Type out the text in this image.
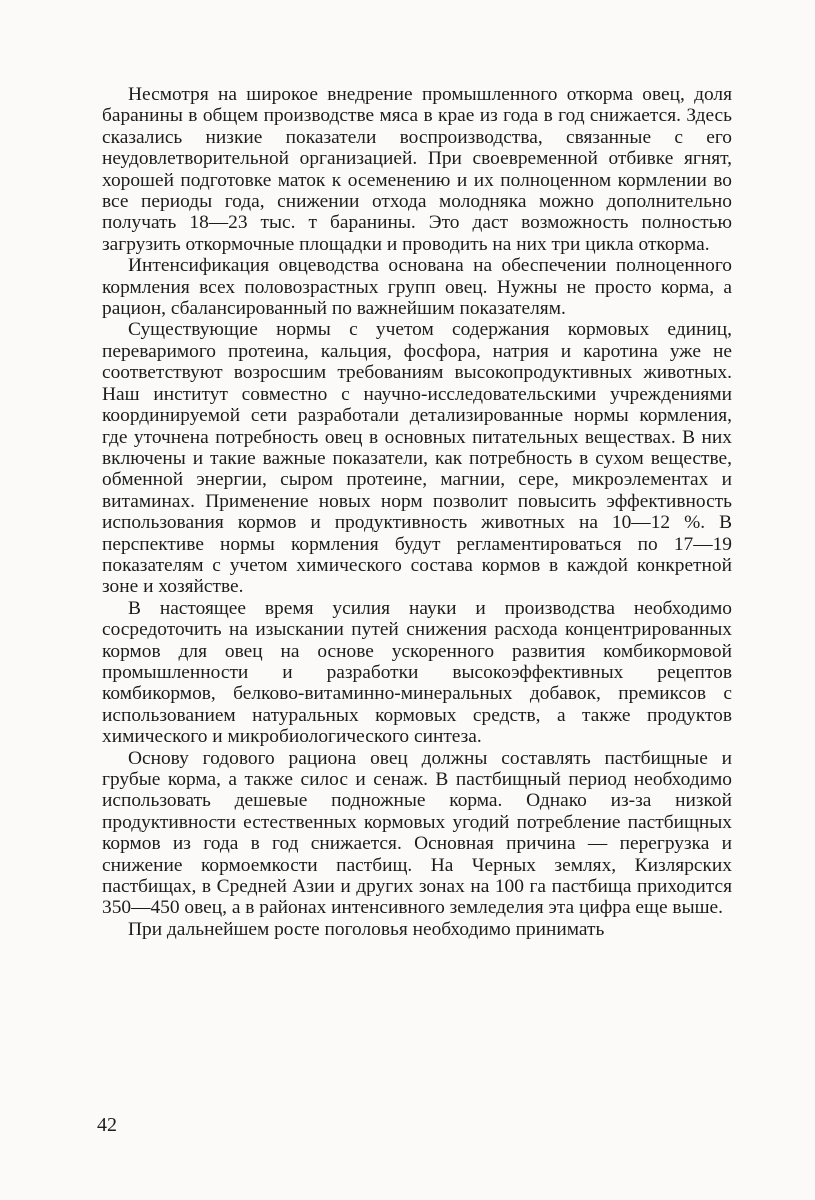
Несмотря на широкое внедрение промышленного откорма овец, доля баранины в общем производстве мяса в крае из года в год снижается. Здесь сказались низкие показатели воспроизводства, связанные с его неудовлетворительной организацией. При своевременной отбивке ягнят, хорошей подготовке маток к осеменению и их полноценном кормлении во все периоды года, снижении отхода молодняка можно дополнительно получать 18—23 тыс. т баранины. Это даст возможность полностью загрузить откормочные площадки и проводить на них три цикла откорма.

Интенсификация овцеводства основана на обеспечении полноценного кормления всех половозрастных групп овец. Нужны не просто корма, а рацион, сбалансированный по важнейшим показателям.

Существующие нормы с учетом содержания кормовых единиц, переваримого протеина, кальция, фосфора, натрия и каротина уже не соответствуют возросшим требованиям высокопродуктивных животных. Наш институт совместно с научно-исследовательскими учреждениями координируемой сети разработали детализированные нормы кормления, где уточнена потребность овец в основных питательных веществах. В них включены и такие важные показатели, как потребность в сухом веществе, обменной энергии, сыром протеине, магнии, сере, микроэлементах и витаминах. Применение новых норм позволит повысить эффективность использования кормов и продуктивность животных на 10—12 %. В перспективе нормы кормления будут регламентироваться по 17—19 показателям с учетом химического состава кормов в каждой конкретной зоне и хозяйстве.

В настоящее время усилия науки и производства необходимо сосредоточить на изыскании путей снижения расхода концентрированных кормов для овец на основе ускоренного развития комбикормовой промышленности и разработки высокоэффективных рецептов комбикормов, белково-витаминно-минеральных добавок, премиксов с использованием натуральных кормовых средств, а также продуктов химического и микробиологического синтеза.

Основу годового рациона овец должны составлять пастбищные и грубые корма, а также силос и сенаж. В пастбищный период необходимо использовать дешевые подножные корма. Однако из-за низкой продуктивности естественных кормовых угодий потребление пастбищных кормов из года в год снижается. Основная причина — перегрузка и снижение кормоемкости пастбищ. На Черных землях, Кизлярских пастбищах, в Средней Азии и других зонах на 100 га пастбища приходится 350—450 овец, а в районах интенсивного земледелия эта цифра еще выше.

При дальнейшем росте поголовья необходимо принимать

42
